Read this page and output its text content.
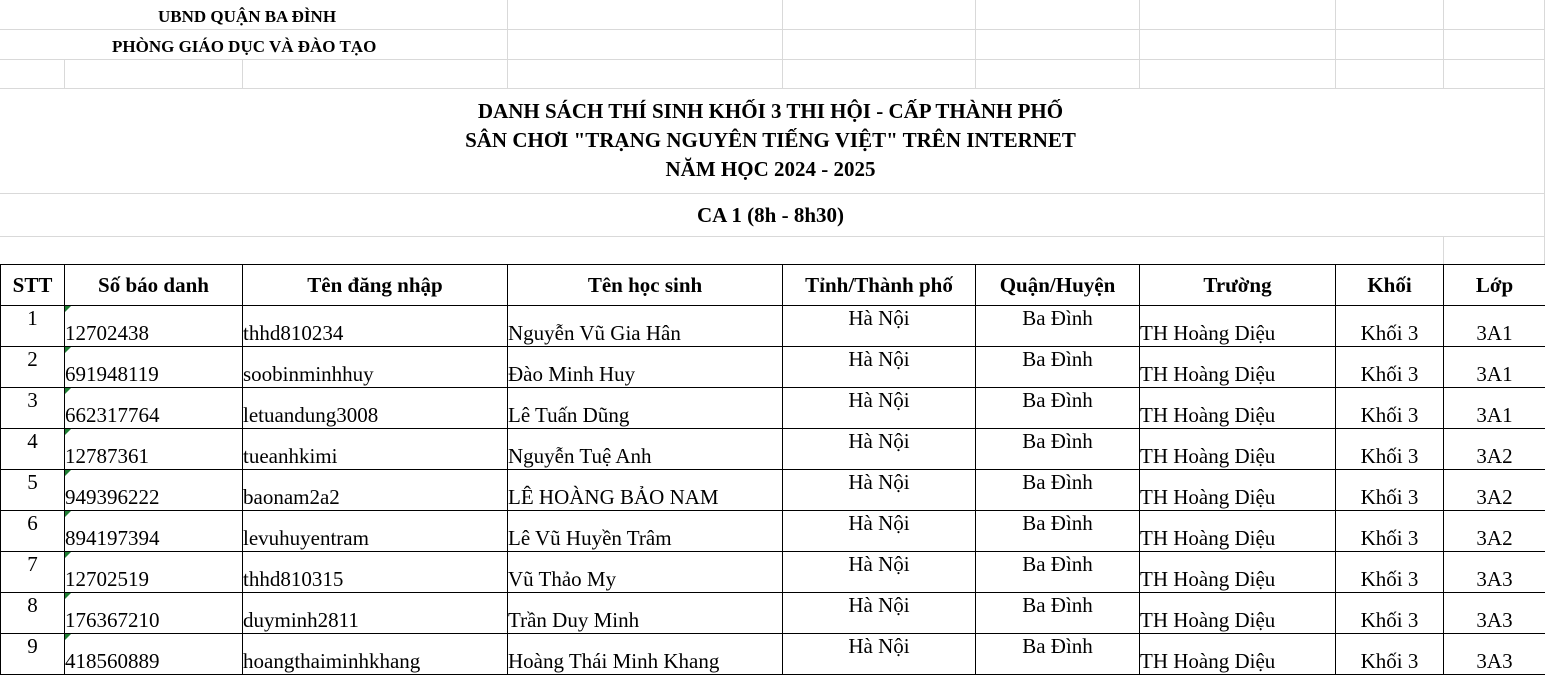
UBND QUẬN BA ĐÌNH
PHÒNG GIÁO DỤC VÀ ĐÀO TẠO
DANH SÁCH THÍ SINH KHỐI 3 THI HỘI - CẤP THÀNH PHỐ
SÂN CHƠI "TRẠNG NGUYÊN TIẾNG VIỆT" TRÊN INTERNET
NĂM HỌC 2024 - 2025
CA 1 (8h - 8h30)
STT	Số báo danh	Tên đăng nhập	Tên học sinh	Tỉnh/Thành phố	Quận/Huyện	Trường	Khối	Lớp
1	12702438	thhd810234	Nguyễn Vũ Gia Hân	Hà Nội	Ba Đình	TH Hoàng Diệu	Khối 3	3A1
2	691948119	soobinminhhuy	Đào Minh Huy	Hà Nội	Ba Đình	TH Hoàng Diệu	Khối 3	3A1
3	662317764	letuandung3008	Lê Tuấn Dũng	Hà Nội	Ba Đình	TH Hoàng Diệu	Khối 3	3A1
4	12787361	tueanhkimi	Nguyễn Tuệ Anh	Hà Nội	Ba Đình	TH Hoàng Diệu	Khối 3	3A2
5	949396222	baonam2a2	LÊ HOÀNG BẢO NAM	Hà Nội	Ba Đình	TH Hoàng Diệu	Khối 3	3A2
6	894197394	levuhuyentram	Lê Vũ Huyền Trâm	Hà Nội	Ba Đình	TH Hoàng Diệu	Khối 3	3A2
7	12702519	thhd810315	Vũ Thảo My	Hà Nội	Ba Đình	TH Hoàng Diệu	Khối 3	3A3
8	176367210	duyminh2811	Trần Duy Minh	Hà Nội	Ba Đình	TH Hoàng Diệu	Khối 3	3A3
9	418560889	hoangthaiminhkhang	Hoàng Thái Minh Khang	Hà Nội	Ba Đình	TH Hoàng Diệu	Khối 3	3A3
